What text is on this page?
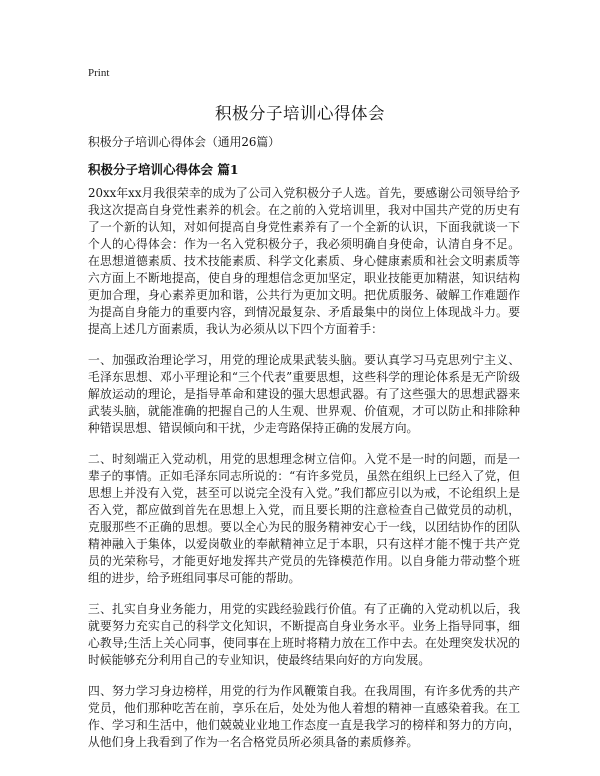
Print
积极分子培训心得体会

积极分子培训心得体会（通用26篇）

积极分子培训心得体会 篇1

20xx年xx月我很荣幸的成为了公司入党积极分子人选。首先，要感谢公司领导给予我这次提高自身党性素养的机会。在之前的入党培训里，我对中国共产党的历史有了一个新的认知，对如何提高自身党性素养有了一个全新的认识，下面我就谈一下个人的心得体会：作为一名入党积极分子，我必须明确自身使命，认清自身不足。在思想道德素质、技术技能素质、科学文化素质、身心健康素质和社会文明素质等六方面上不断地提高，使自身的理想信念更加坚定，职业技能更加精湛，知识结构更加合理，身心素养更加和谐，公共行为更加文明。把优质服务、破解工作难题作为提高自身能力的重要内容，到情况最复杂、矛盾最集中的岗位上体现战斗力。要提高上述几方面素质，我认为必须从以下四个方面着手：

一、加强政治理论学习，用党的理论成果武装头脑。要认真学习马克思列宁主义、毛泽东思想、邓小平理论和“三个代表”重要思想，这些科学的理论体系是无产阶级解放运动的理论，是指导革命和建设的强大思想武器。有了这些强大的思想武器来武装头脑，就能准确的把握自己的人生观、世界观、价值观，才可以防止和排除种种错误思想、错误倾向和干扰，少走弯路保持正确的发展方向。

二、时刻端正入党动机，用党的思想理念树立信仰。入党不是一时的问题，而是一辈子的事情。正如毛泽东同志所说的：“有许多党员，虽然在组织上已经入了党，但思想上并没有入党，甚至可以说完全没有入党。”我们都应引以为戒，不论组织上是否入党，都应做到首先在思想上入党，而且要长期的注意检查自己做党员的动机，克服那些不正确的思想。要以全心为民的服务精神安心于一线，以团结协作的团队精神融入于集体，以爱岗敬业的奉献精神立足于本职，只有这样才能不愧于共产党员的光荣称号，才能更好地发挥共产党员的先锋模范作用。以自身能力带动整个班组的进步，给予班组同事尽可能的帮助。

三、扎实自身业务能力，用党的实践经验践行价值。有了正确的入党动机以后，我就要努力充实自己的科学文化知识，不断提高自身业务水平。业务上指导同事，细心教导;生活上关心同事，使同事在上班时将精力放在工作中去。在处理突发状况的时候能够充分利用自己的专业知识，使最终结果向好的方向发展。

四、努力学习身边榜样，用党的行为作风鞭策自我。在我周围，有许多优秀的共产党员，他们那种吃苦在前，享乐在后，处处为他人着想的精神一直感染着我。在工作、学习和生活中，他们兢兢业业地工作态度一直是我学习的榜样和努力的方向，从他们身上我看到了作为一名合格党员所必须具备的素质修养。
